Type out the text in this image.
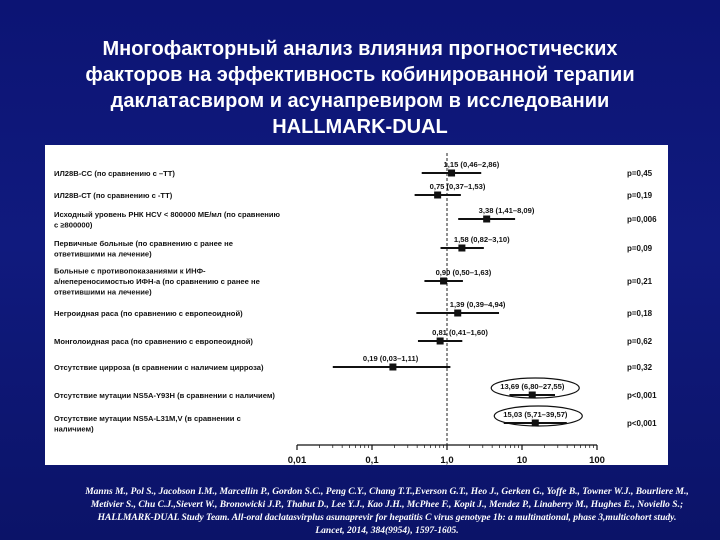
Многофакторный анализ влияния прогностических
факторов на эффективность кобинированной терапии
даклатасвиром и асунапревиром в исследовании
HALLMARK-DUAL
0,01	0,1	1,0	10	100
ИЛ28В-СС (по сравнению с –ТТ)
1,15 (0,46–2,86)
p=0,45
ИЛ28В-СТ (по сравнению с -ТТ)
0,75 (0,37–1,53)
p=0,19
Исходный уровень РНК HCV < 800000 МЕ/мл (по сравнению
с ≥800000)
3,38 (1,41–8,09)
p=0,006
Первичные больные (по сравнению с ранее не
ответившими на лечение)
1,58 (0,82–3,10)
p=0,09
Больные с противопоказаниями к ИНФ-
а/непереносимостью ИФН-а (по сравнению с ранее не
ответившими на лечение)
0,90 (0,50–1,63)
p=0,21
Негроидная раса (по сравнению с европеоидной)
1,39 (0,39–4,94)
p=0,18
Монголоидная раса (по сравнению с европеоидной)
0,81 (0,41–1,60)
p=0,62
Отсутствие цирроза (в сравнении с наличием цирроза)
0,19 (0,03–1,11)
p=0,32
Отсутствие мутации NS5A-Y93H (в сравнении с наличием)
13,69 (6,80–27,55)
p<0,001
Отсутствие мутации NS5A-L31M,V (в сравнении с
наличием)
15,03 (5,71–39,57)
p<0,001
Manns M., Pol S., Jacobson I.M., Marcellin P., Gordon S.C., Peng C.Y., Chang T.T.,Everson G.T., Heo J., Gerken G., Yoffe B., Towner W.J., Bourliere M., Metivier S., Chu C.J.,Sievert W., Bronowicki J.P., Thabut D., Lee Y.J., Kao J.H., McPhee F., Kopit J., Mendez P., Linaberry M., Hughes E., Noviello S.; HALLMARK-DUAL Study Team. All-oral daclatasvirplus asunaprevir for hepatitis C virus genotype 1b: a multinational, phase 3,multicohort study. Lancet, 2014, 384(9954), 1597-1605.
